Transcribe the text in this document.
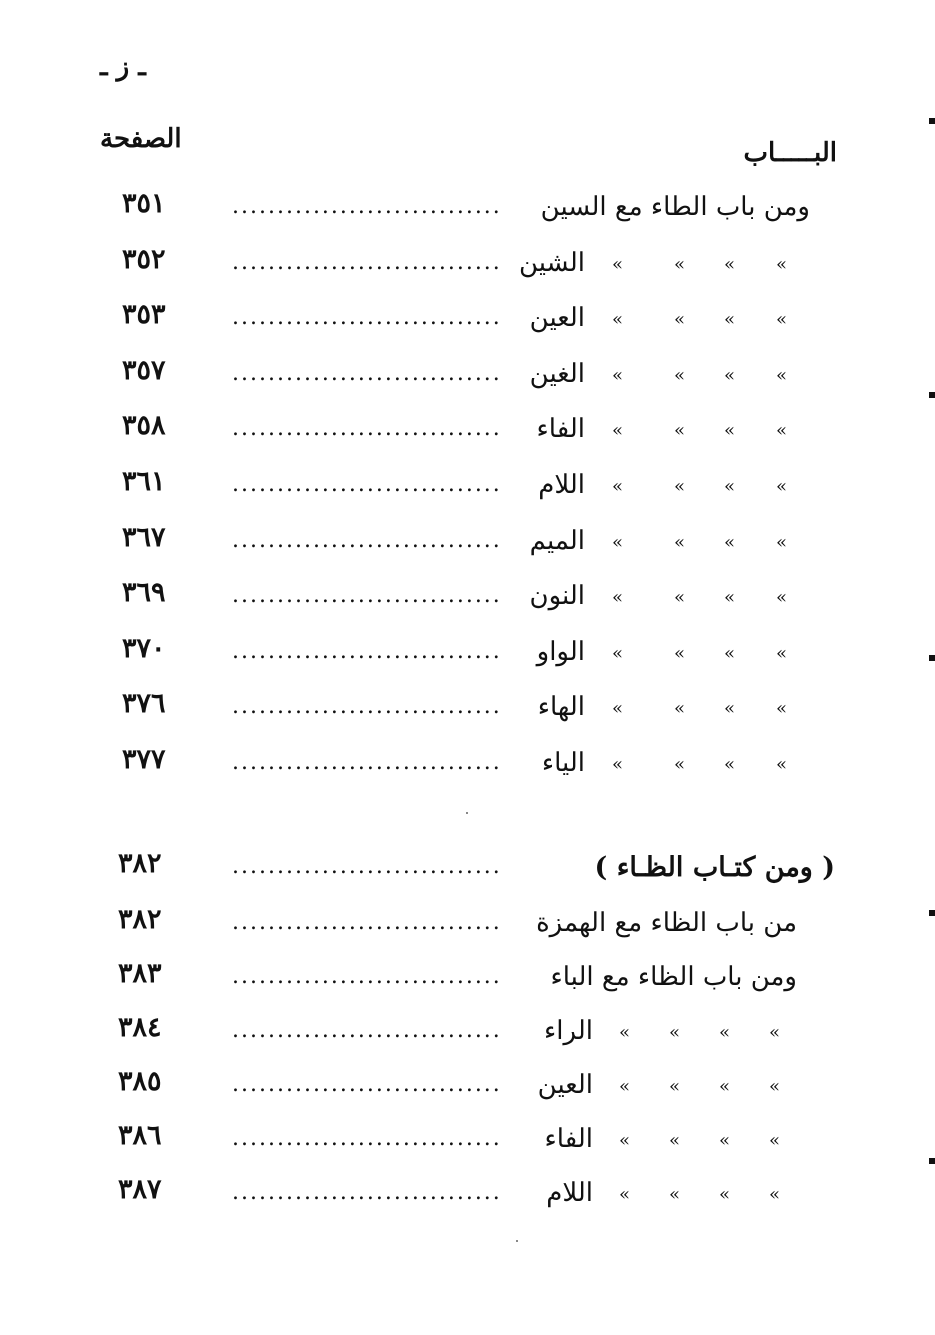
ـ ز ـ
البـــــاب
الصفحة
ومن باب الطاء مع السين
..............................
٣٥١
»
»
»
»
الشين
..............................
٣٥٢
»
»
»
»
العين
..............................
٣٥٣
»
»
»
»
الغين
..............................
٣٥٧
»
»
»
»
الفاء
..............................
٣٥٨
»
»
»
»
اللام
..............................
٣٦١
»
»
»
»
الميم
..............................
٣٦٧
»
»
»
»
النون
..............................
٣٦٩
»
»
»
»
الواو
..............................
٣٧٠
»
»
»
»
الهاء
..............................
٣٧٦
»
»
»
»
الياء
..............................
٣٧٧
( ومن كتـاب الظـاء )
..............................
٣٨٢
من باب الظاء مع الهمزة
..............................
٣٨٢
ومن باب الظاء مع الباء
..............................
٣٨٣
»
»
»
»
الراء
..............................
٣٨٤
»
»
»
»
العين
..............................
٣٨٥
»
»
»
»
الفاء
..............................
٣٨٦
»
»
»
»
اللام
..............................
٣٨٧
